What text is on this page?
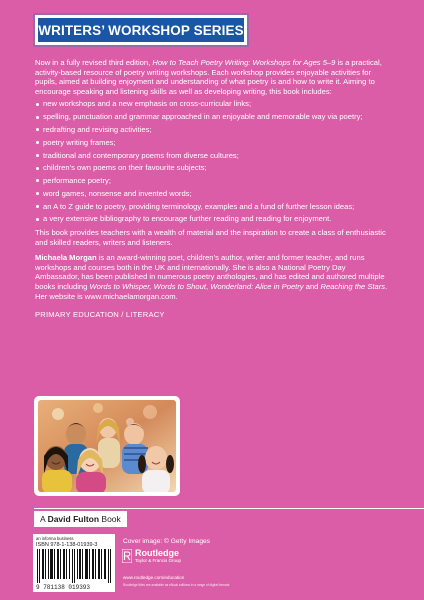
WRITERS’ WORKSHOP SERIES

Now in a fully revised third edition, How to Teach Poetry Writing: Workshops for Ages 5–9 is a practical, activity-based resource of poetry writing workshops. Each workshop provides enjoyable activities for pupils, aimed at building enjoyment and understanding of what poetry is and how to write it. Aiming to encourage speaking and listening skills as well as developing writing, this book includes:

new workshops and a new emphasis on cross-curricular links;
spelling, punctuation and grammar approached in an enjoyable and memorable way via poetry;
redrafting and revising activities;
poetry writing frames;
traditional and contemporary poems from diverse cultures;
children’s own poems on their favourite subjects;
performance poetry;
word games, nonsense and invented words;
an A to Z guide to poetry, providing terminology, examples and a fund of further lesson ideas;
a very extensive bibliography to encourage further reading and reading for enjoyment.

This book provides teachers with a wealth of material and the inspiration to create a class of enthusiastic and skilled readers, writers and listeners.

Michaela Morgan is an award-winning poet, children’s author, writer and former teacher, and runs workshops and courses both in the UK and internationally. She is also a National Poetry Day Ambassador, has been published in numerous poetry anthologies, and has edited and authored multiple books including Words to Whisper, Words to Shout, Wonderland: Alice in Poetry and Reaching the Stars. Her website is www.michaelamorgan.com.

PRIMARY EDUCATION / LITERACY

A David Fulton Book
an informa business
ISBN 978-1-138-01939-3
9 781138 019393
Cover image: © Getty Images
Routledge
Taylor & Francis Group
www.routledge.com/education
Routledge titles are available as eBook editions in a range of digital formats
